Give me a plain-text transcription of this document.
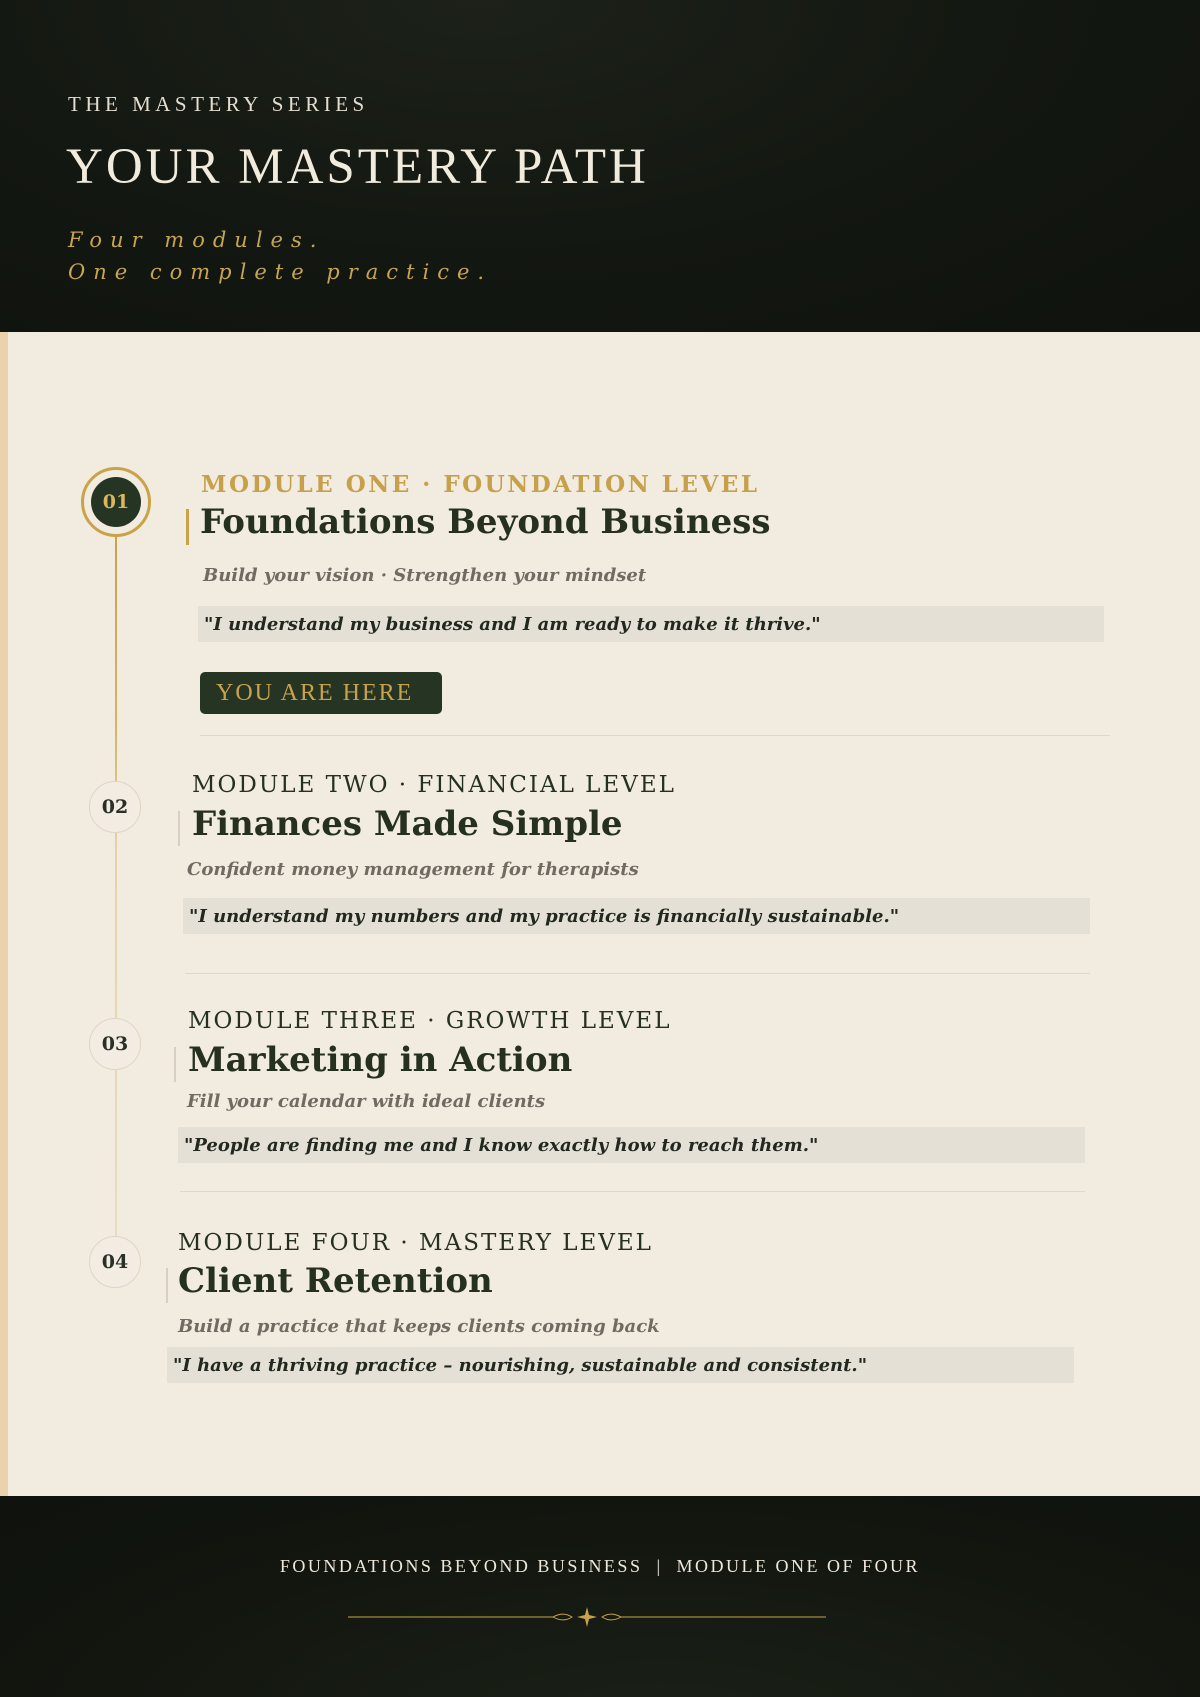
THE MASTERY SERIES
YOUR MASTERY PATH
Four modules.
One complete practice.
01
MODULE ONE · FOUNDATION LEVEL
Foundations Beyond Business
Build your vision · Strengthen your mindset
"I understand my business and I am ready to make it thrive."
YOU ARE HERE
02
MODULE TWO · FINANCIAL LEVEL
Finances Made Simple
Confident money management for therapists
"I understand my numbers and my practice is financially sustainable."
03
MODULE THREE · GROWTH LEVEL
Marketing in Action
Fill your calendar with ideal clients
"People are finding me and I know exactly how to reach them."
04
MODULE FOUR · MASTERY LEVEL
Client Retention
Build a practice that keeps clients coming back
"I have a thriving practice – nourishing, sustainable and consistent."
FOUNDATIONS BEYOND BUSINESS  |  MODULE ONE OF FOUR
